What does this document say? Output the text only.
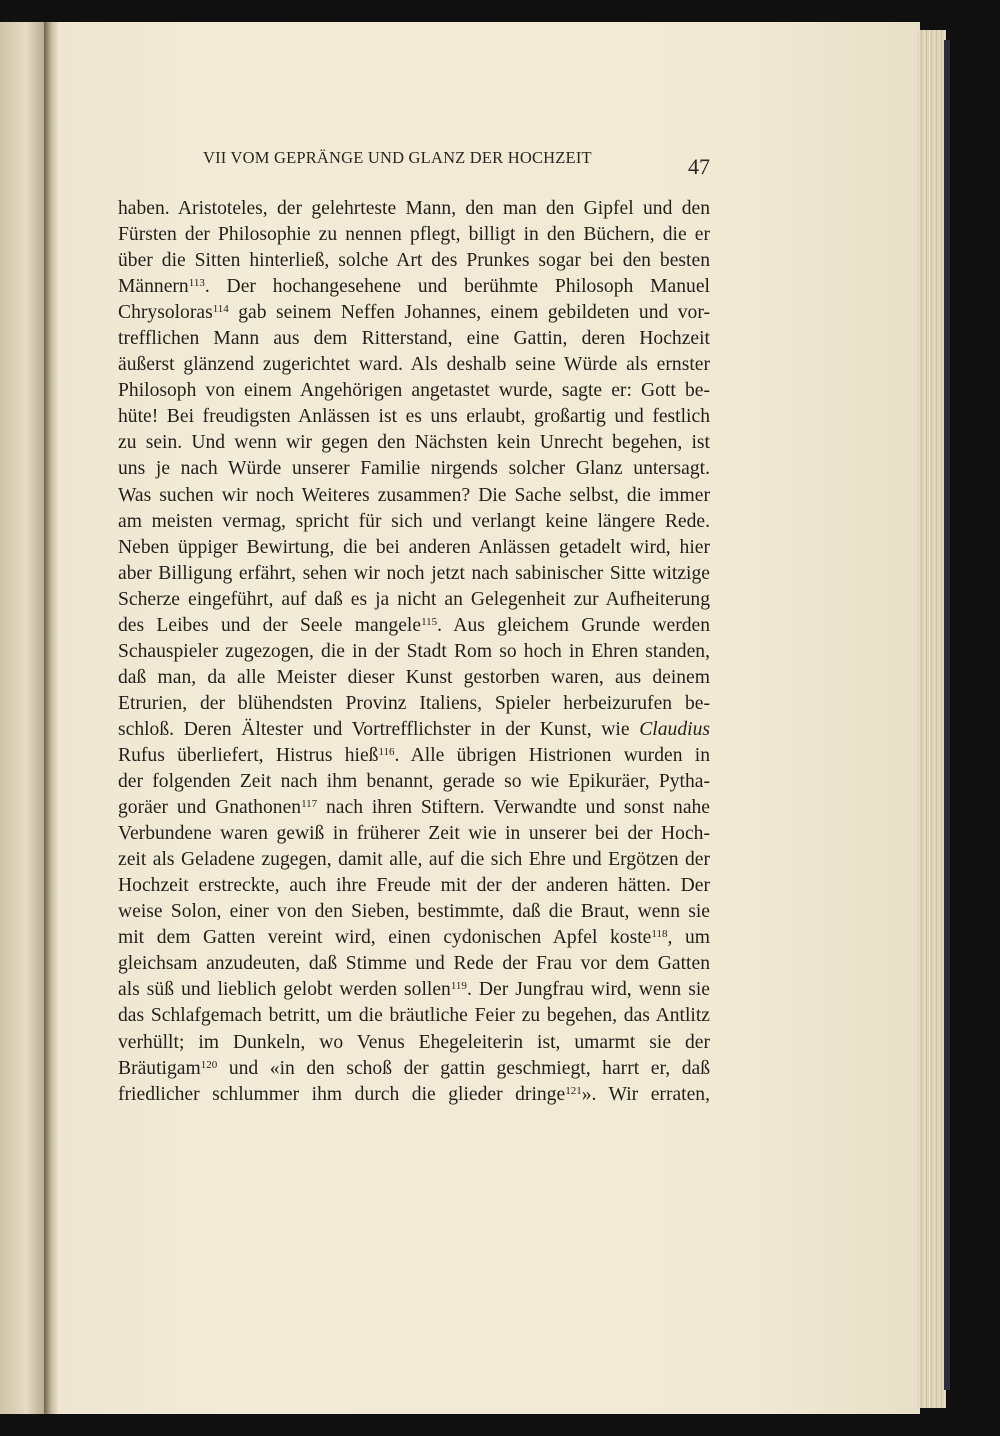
VII VOM GEPRÄNGE UND GLANZ DER HOCHZEIT	47
haben. Aristoteles, der gelehrteste Mann, den man den Gipfel und den
Fürsten der Philosophie zu nennen pflegt, billigt in den Büchern, die er
über die Sitten hinterließ, solche Art des Prunkes sogar bei den besten
Männern$^{113}$. Der hochangesehene und berühmte Philosoph Manuel
Chrysoloras$^{114}$ gab seinem Neffen Johannes, einem gebildeten und vor-
trefflichen Mann aus dem Ritterstand, eine Gattin, deren Hochzeit
äußerst glänzend zugerichtet ward. Als deshalb seine Würde als ernster
Philosoph von einem Angehörigen angetastet wurde, sagte er: Gott be-
hüte! Bei freudigsten Anlässen ist es uns erlaubt, großartig und festlich
zu sein. Und wenn wir gegen den Nächsten kein Unrecht begehen, ist
uns je nach Würde unserer Familie nirgends solcher Glanz untersagt.
Was suchen wir noch Weiteres zusammen? Die Sache selbst, die immer
am meisten vermag, spricht für sich und verlangt keine längere Rede.
Neben üppiger Bewirtung, die bei anderen Anlässen getadelt wird, hier
aber Billigung erfährt, sehen wir noch jetzt nach sabinischer Sitte witzige
Scherze eingeführt, auf daß es ja nicht an Gelegenheit zur Aufheiterung
des Leibes und der Seele mangele$^{115}$. Aus gleichem Grunde werden
Schauspieler zugezogen, die in der Stadt Rom so hoch in Ehren standen,
daß man, da alle Meister dieser Kunst gestorben waren, aus deinem
Etrurien, der blühendsten Provinz Italiens, Spieler herbeizurufen be-
schloß. Deren Ältester und Vortrefflichster in der Kunst, wie Claudius
Rufus überliefert, Histrus hieß$^{116}$. Alle übrigen Histrionen wurden in
der folgenden Zeit nach ihm benannt, gerade so wie Epikuräer, Pytha-
goräer und Gnathonen$^{117}$ nach ihren Stiftern. Verwandte und sonst nahe
Verbundene waren gewiß in früherer Zeit wie in unserer bei der Hoch-
zeit als Geladene zugegen, damit alle, auf die sich Ehre und Ergötzen der
Hochzeit erstreckte, auch ihre Freude mit der der anderen hätten. Der
weise Solon, einer von den Sieben, bestimmte, daß die Braut, wenn sie
mit dem Gatten vereint wird, einen cydonischen Apfel koste$^{118}$, um
gleichsam anzudeuten, daß Stimme und Rede der Frau vor dem Gatten
als süß und lieblich gelobt werden sollen$^{119}$. Der Jungfrau wird, wenn sie
das Schlafgemach betritt, um die bräutliche Feier zu begehen, das Antlitz
verhüllt; im Dunkeln, wo Venus Ehegeleiterin ist, umarmt sie der
Bräutigam$^{120}$ und «in den schoß der gattin geschmiegt, harrt er, daß
friedlicher schlummer ihm durch die glieder dringe$^{121}$». Wir erraten,
